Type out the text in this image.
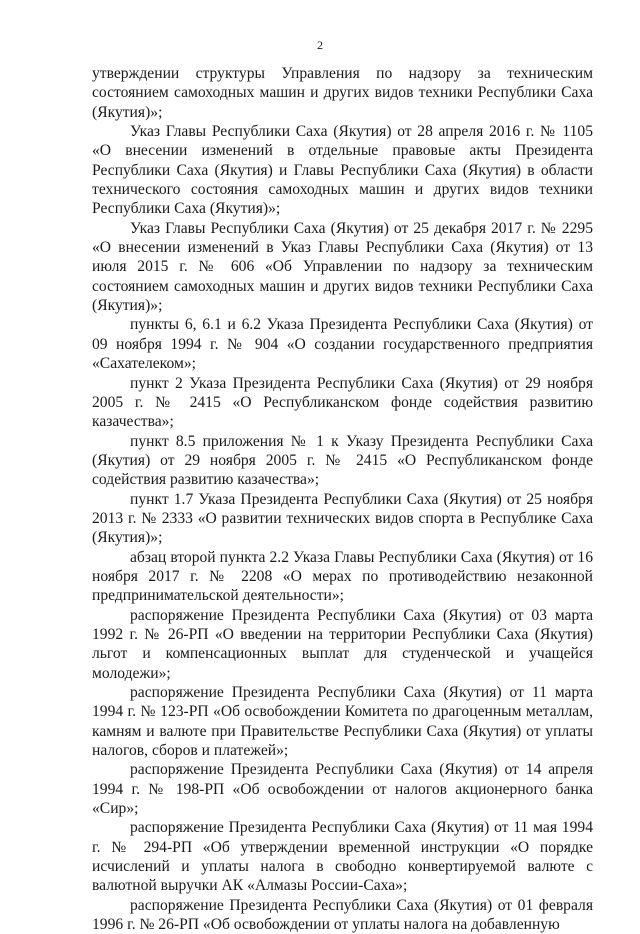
2

утверждении структуры Управления по надзору за техническим состоянием самоходных машин и других видов техники Республики Саха (Якутия)»;

Указ Главы Республики Саха (Якутия) от 28 апреля 2016 г. № 1105 «О внесении изменений в отдельные правовые акты Президента Республики Саха (Якутия) и Главы Республики Саха (Якутия) в области технического состояния самоходных машин и других видов техники Республики Саха (Якутия)»;

Указ Главы Республики Саха (Якутия) от 25 декабря 2017 г. № 2295 «О внесении изменений в Указ Главы Республики Саха (Якутия) от 13 июля 2015 г. № 606 «Об Управлении по надзору за техническим состоянием самоходных машин и других видов техники Республики Саха (Якутия)»;

пункты 6, 6.1 и 6.2 Указа Президента Республики Саха (Якутия) от 09 ноября 1994 г. № 904 «О создании государственного предприятия «Сахателеком»;

пункт 2 Указа Президента Республики Саха (Якутия) от 29 ноября 2005 г. № 2415 «О Республиканском фонде содействия развитию казачества»;

пункт 8.5 приложения № 1 к Указу Президента Республики Саха (Якутия) от 29 ноября 2005 г. № 2415 «О Республиканском фонде содействия развитию казачества»;

пункт 1.7 Указа Президента Республики Саха (Якутия) от 25 ноября 2013 г. № 2333 «О развитии технических видов спорта в Республике Саха (Якутия)»;

абзац второй пункта 2.2 Указа Главы Республики Саха (Якутия) от 16 ноября 2017 г. № 2208 «О мерах по противодействию незаконной предпринимательской деятельности»;

распоряжение Президента Республики Саха (Якутия) от 03 марта 1992 г. № 26-РП «О введении на территории Республики Саха (Якутия) льгот и компенсационных выплат для студенческой и учащейся молодежи»;

распоряжение Президента Республики Саха (Якутия) от 11 марта 1994 г. № 123-РП «Об освобождении Комитета по драгоценным металлам, камням и валюте при Правительстве Республики Саха (Якутия) от уплаты налогов, сборов и платежей»;

распоряжение Президента Республики Саха (Якутия) от 14 апреля 1994 г. № 198-РП «Об освобождении от налогов акционерного банка «Сир»;

распоряжение Президента Республики Саха (Якутия) от 11 мая 1994 г. № 294-РП «Об утверждении временной инструкции «О порядке исчислений и уплаты налога в свободно конвертируемой валюте с валютной выручки АК «Алмазы России-Саха»;

распоряжение Президента Республики Саха (Якутия) от 01 февраля 1996 г. № 26-РП «Об освобождении от уплаты налога на добавленную
